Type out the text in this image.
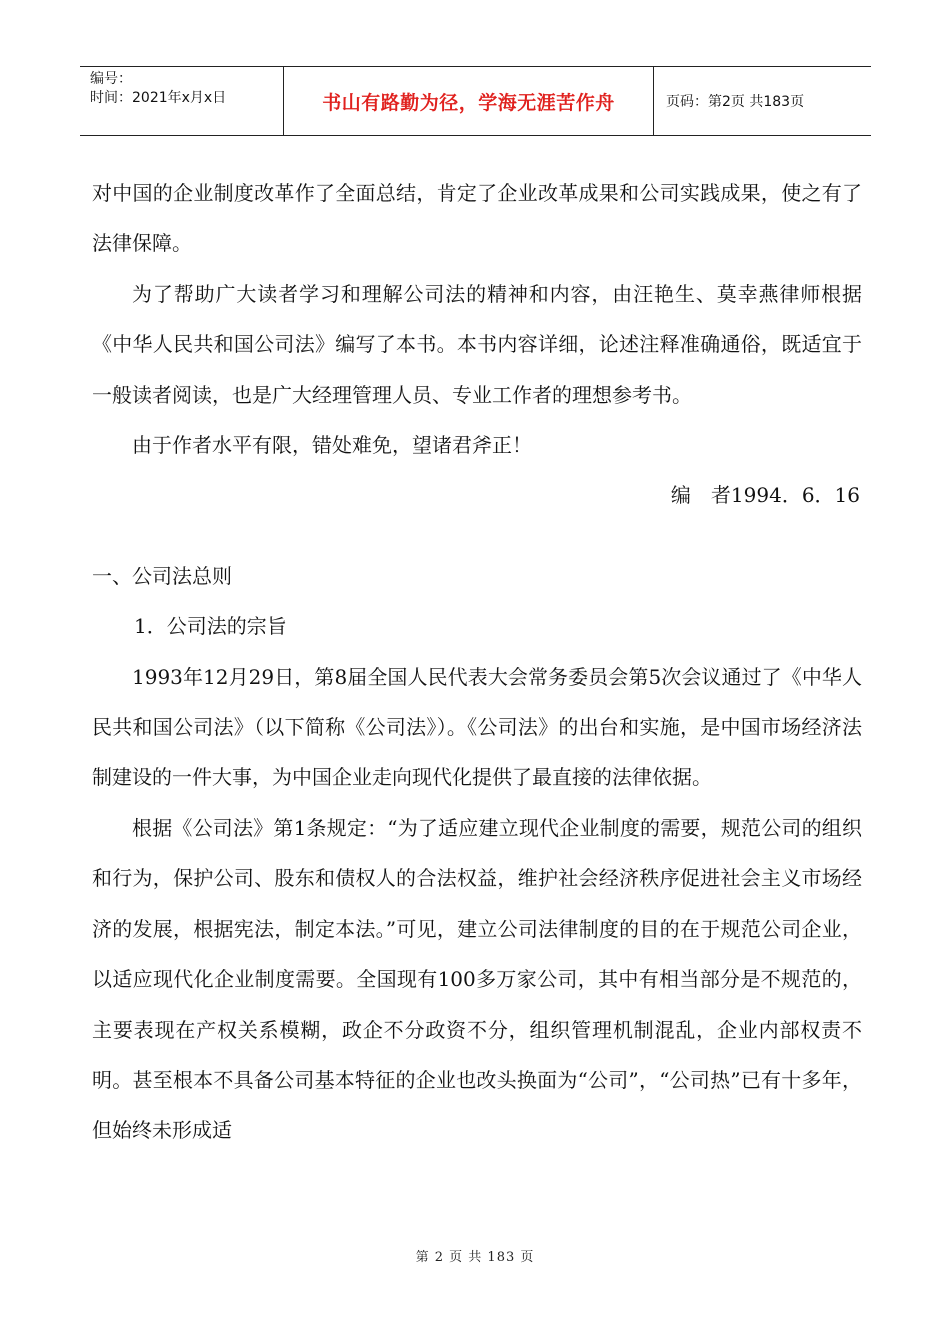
编号：
时间：2021年x月x日	书山有路勤为径，学海无涯苦作舟	页码：第2页 共183页

对中国的企业制度改革作了全面总结，肯定了企业改革成果和公司实践成果，使之有了法律保障。

为了帮助广大读者学习和理解公司法的精神和内容，由汪艳生、莫幸燕律师根据《中华人民共和国公司法》编写了本书。本书内容详细，论述注释准确通俗，既适宜于一般读者阅读，也是广大经理管理人员、专业工作者的理想参考书。

由于作者水平有限，错处难免，望诸君斧正！

编　者1994．6．16

一、公司法总则

1．公司法的宗旨

1993年12月29日，第8届全国人民代表大会常务委员会第5次会议通过了《中华人民共和国公司法》（以下简称《公司法》）。《公司法》的出台和实施，是中国市场经济法制建设的一件大事，为中国企业走向现代化提供了最直接的法律依据。

根据《公司法》第1条规定：“为了适应建立现代企业制度的需要，规范公司的组织和行为，保护公司、股东和债权人的合法权益，维护社会经济秩序促进社会主义市场经济的发展，根据宪法，制定本法。”可见，建立公司法律制度的目的在于规范公司企业，以适应现代化企业制度需要。全国现有100多万家公司，其中有相当部分是不规范的，主要表现在产权关系模糊，政企不分政资不分，组织管理机制混乱，企业内部权责不明。甚至根本不具备公司基本特征的企业也改头换面为“公司”，“公司热”已有十多年，但始终未形成适

第 2 页 共 183 页
